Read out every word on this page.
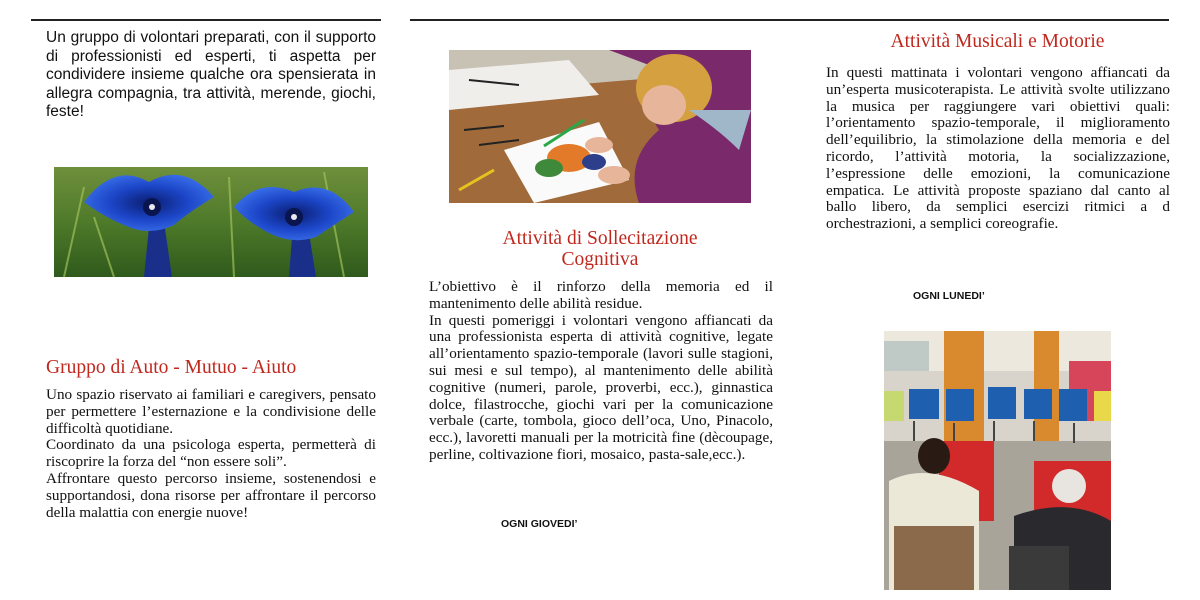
Un gruppo di volontari preparati, con il supporto di professionisti ed esperti, ti aspetta per condividere insieme qualche ora spensierata in allegra compagnia, tra attività, merende, giochi, feste!

Gruppo di Auto - Mutuo - Aiuto

Uno spazio riservato ai familiari e caregivers, pensato per permettere l’esternazione e la condivisione delle difficoltà quotidiane.

Coordinato da una psicologa esperta, permetterà di riscoprire la forza del “non essere soli”.

Affrontare questo percorso insieme, sostenendosi e supportandosi, dona risorse per affrontare il percorso della malattia con energie nuove!

Attività di Sollecitazione
Cognitiva

L’obiettivo è il rinforzo della memoria ed il mantenimento delle abilità residue.

In questi pomeriggi i volontari vengono affiancati da una professionista esperta di attività cognitive, legate all’orientamento spazio-temporale (lavori sulle stagioni, sui mesi e sul tempo), al mantenimento delle abilità cognitive (numeri, parole, proverbi, ecc.), ginnastica dolce, filastrocche, giochi vari per la comunicazione verbale (carte, tombola, gioco dell’oca, Uno, Pinacolo, ecc.), lavoretti manuali per la motricità fine (dècoupage, perline, coltivazione fiori, mosaico, pasta-sale,ecc.).

OGNI GIOVEDI’
Attività Musicali e Motorie

In questi mattinata i volontari vengono affiancati da un’esperta musicoterapista. Le attività svolte utilizzano la musica per raggiungere vari obiettivi quali: l’orientamento spazio-temporale, il miglioramento dell’equilibrio, la stimolazione della memoria e del ricordo, l’attività motoria, la socializzazione, l’espressione delle emozioni, la comunicazione empatica. Le attività proposte spaziano dal canto al ballo libero, da semplici esercizi ritmici a d orchestrazioni, a semplici coreografie.

OGNI LUNEDI’
